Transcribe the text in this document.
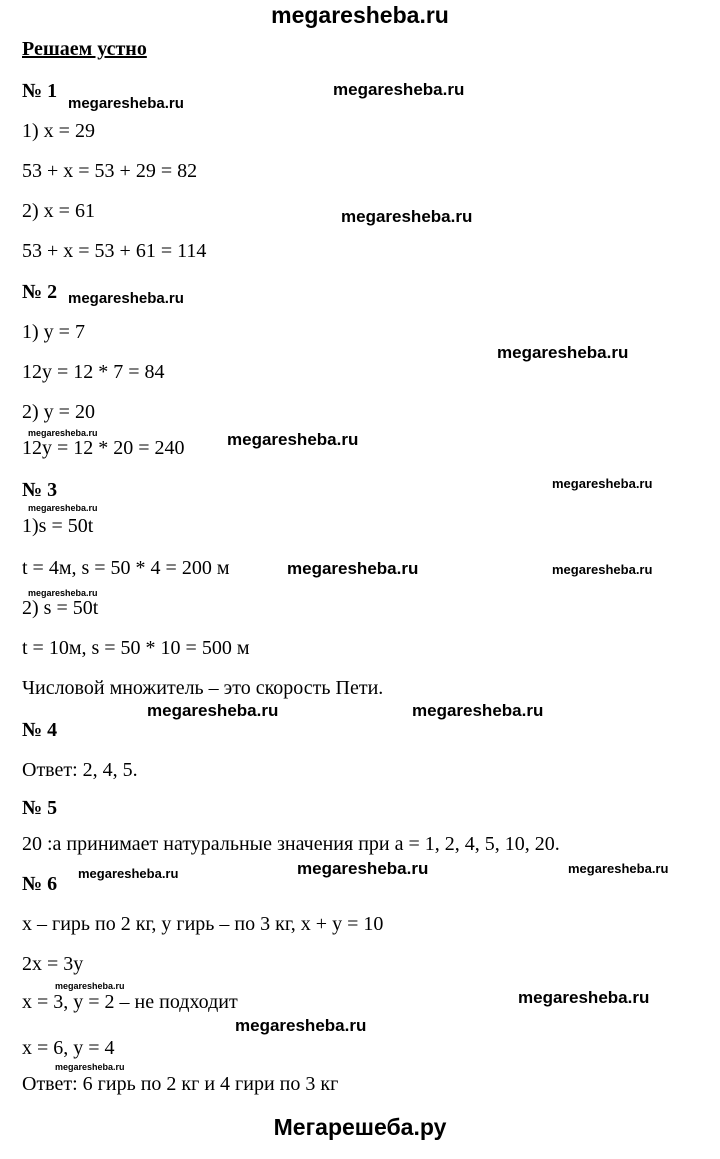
megaresheba.ru
Решаем устно
№ 1
1) х = 29
53 + х = 53 + 29 = 82
2) х = 61
53 + х = 53 + 61 = 114
№ 2
1) у = 7
12у = 12 * 7 = 84
2) у = 20
12у = 12 * 20 = 240
№ 3
1)s = 50t
t = 4м, s = 50 * 4 = 200 м
2) s = 50t
t = 10м, s = 50 * 10 = 500 м
Числовой множитель – это скорость Пети.
№ 4
Ответ: 2, 4, 5.
№ 5
20 :а принимает натуральные значения при а = 1, 2, 4, 5, 10, 20.
№ 6
х – гирь по 2 кг, у гирь – по 3 кг, х + у = 10
2х = 3у
х = 3, у = 2 – не подходит
х = 6, у = 4
Ответ: 6 гирь по 2 кг и 4 гири по 3 кг
megaresheba.ru
megaresheba.ru
megaresheba.ru
megaresheba.ru
megaresheba.ru
megaresheba.ru	megaresheba.ru
megaresheba.ru
megaresheba.ru
megaresheba.ru	megaresheba.ru
megaresheba.ru
megaresheba.ru	megaresheba.ru
megaresheba.ru	megaresheba.ru	megaresheba.ru
megaresheba.ru
megaresheba.ru
megaresheba.ru
megaresheba.ru
Мегарешеба.ру
